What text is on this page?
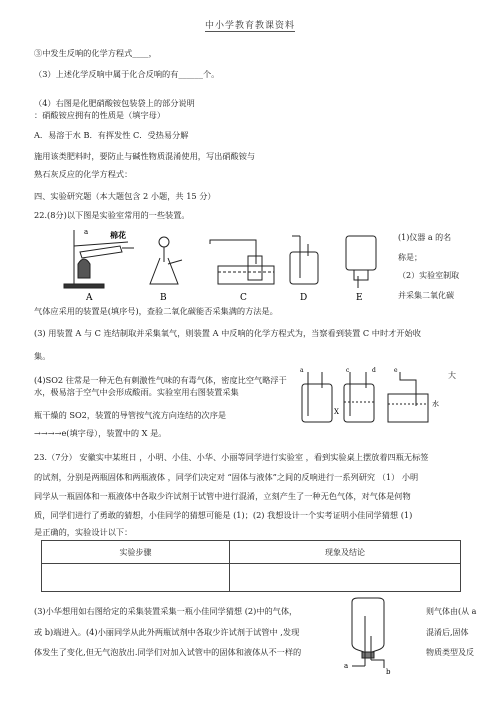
中小学教育教课资料
③中发生反响的化学方程式____，
（3）上述化学反响中属于化合反响的有______个。
（4）右图是化肥硝酸铵包装袋上的部分说明
：硝酸铵应拥有的性质是（填字母）
A．易溶于水 B．有挥发性 C．受热易分解
施用该类肥料时，要防止与碱性物质混淆使用，写出硝酸铵与
熟石灰反应的化学方程式：
四、实验研究题（本大题包含 2 小题，共 15 分）
22.(8分)以下图是实验室常用的一些装置。
气体应采用的装置是(填序号)，查验二氧化碳能否采集满的方法是。
(3) 用装置 A 与 C 连结制取并采集氧气，则装置 A 中反响的化学方程式为，当察看到装置 C 中时才开始收
集。
(4)SO2 往常是一种无色有刺激性气味的有毒气体，密度比空气略浮于
水，极易溶于空气中会形成酸雨。实验室用右图装置采集
瓶干燥的 SO2，装置的导管按气流方向连结的次序是
→→→→e(填字母），装置中的 X 是。
23.（7分） 安徽实中某班日 ，小明、小佳、小华、小丽等同学进行实验室 ，看到实验桌上摆放着四瓶无标签
的试剂，分别是两瓶固体和两瓶液体 ，同学们决定对 “固体与液体”之间的反响进行一系列研究 （1） 小明
同学从一瓶固体和一瓶液体中各取少许试剂于试管中进行混淆，立刻产生了一种无色气体，对气体是何物
质，同学们进行了勇敢的猜想，小佳同学的猜想可能是 (1)；(2) 我想设计一个实考证明小佳同学猜想 (1)
是正确的，实验设计以下：
(3)小华想用如右图给定的采集装置采集一瓶小佳同学猜想 (2)中的气体，
或 b)端进入。(4)小丽同学从此外两瓶试剂中各取少许试剂于试管中 ,发现
体发生了变化,但无气泡放出.同学们对加入试管中的固体和液体从不一样的
(1)仪器 a 的名
称是；
（2）实验室制取
并采集二氧化碳
大
则气体由(从 a
混淆后,固体
物质类型及反
a	棉花
A	B	C	D	E
a	c	d	e
X
水
实验步骤	现象及结论

a
b
